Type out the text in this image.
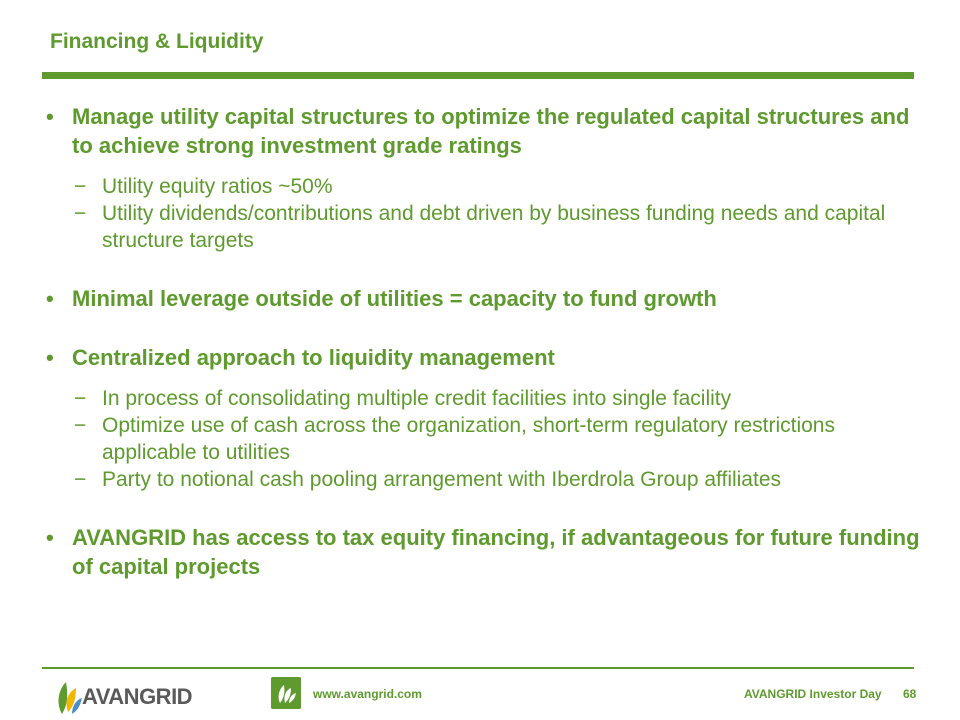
Financing & Liquidity
• Manage utility capital structures to optimize the regulated capital structures and to achieve strong investment grade ratings
− Utility equity ratios ~50%
− Utility dividends/contributions and debt driven by business funding needs and capital structure targets
• Minimal leverage outside of utilities = capacity to fund growth
• Centralized approach to liquidity management
− In process of consolidating multiple credit facilities into single facility
− Optimize use of cash across the organization, short-term regulatory restrictions applicable to utilities
− Party to notional cash pooling arrangement with Iberdrola Group affiliates
• AVANGRID has access to tax equity financing, if advantageous for future funding of capital projects
AVANGRID	www.avangrid.com	AVANGRID Investor Day 68
